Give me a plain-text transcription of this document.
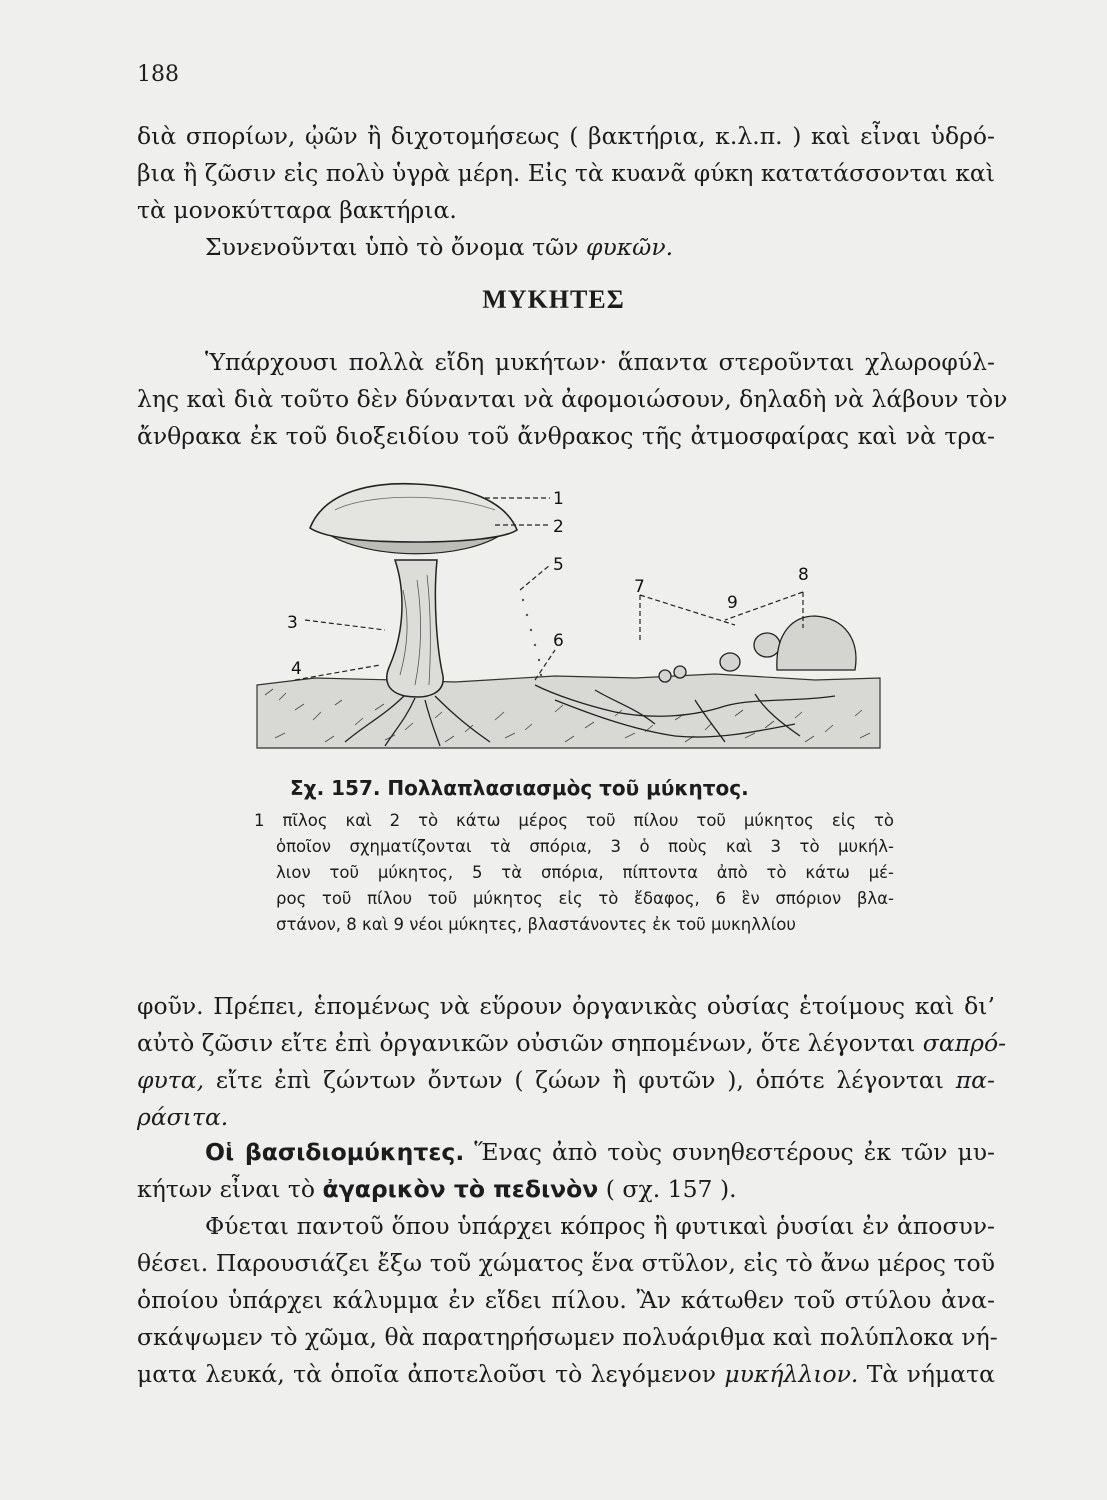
188
διὰ σπορίων, ᾠῶν ἢ διχοτομήσεως ( βακτήρια, κ.λ.π. ) καὶ εἶναι ὑδρό-
βια ἢ ζῶσιν εἰς πολὺ ὑγρὰ μέρη. Εἰς τὰ κυανᾶ φύκη κατατάσσονται καὶ
τὰ μονοκύτταρα βακτήρια.
Συνενοῦνται ὑπὸ τὸ ὄνομα τῶν φυκῶν.
ΜΥΚΗΤΕΣ
Ὑπάρχουσι πολλὰ εἴδη μυκήτων· ἅπαντα στεροῦνται χλωροφύλ-
λης καὶ διὰ τοῦτο δὲν δύνανται νὰ ἀφομοιώσουν, δηλαδὴ νὰ λάβουν τὸν
ἄνθρακα ἐκ τοῦ διοξειδίου τοῦ ἄνθρακος τῆς ἀτμοσφαίρας καὶ νὰ τρα-
1
2
5
3
4
6
7
8
9
Σχ. 157. Πολλαπλασιασμὸς τοῦ μύκητος.
1 πῖλος καὶ 2 τὸ κάτω μέρος τοῦ πίλου τοῦ μύκητος εἰς τὸ
ὁποῖον σχηματίζονται τὰ σπόρια, 3 ὁ ποὺς καὶ 3 τὸ μυκήλ-
λιον τοῦ μύκητος, 5 τὰ σπόρια, πίπτοντα ἀπὸ τὸ κάτω μέ-
ρος τοῦ πίλου τοῦ μύκητος εἰς τὸ ἔδαφος, 6 ἓν σπόριον βλα-
στάνον, 8 καὶ 9 νέοι μύκητες, βλαστάνοντες ἐκ τοῦ μυκηλλίου
φοῦν. Πρέπει, ἑπομένως νὰ εὕρουν ὀργανικὰς οὐσίας ἑτοίμους καὶ δι’
αὐτὸ ζῶσιν εἴτε ἐπὶ ὀργανικῶν οὐσιῶν σηπομένων, ὅτε λέγονται σαπρό-
φυτα, εἴτε ἐπὶ ζώντων ὄντων ( ζώων ἢ φυτῶν ), ὁπότε λέγονται πα-
ράσιτα.
Οἱ βασιδιομύκητες. Ἕνας ἀπὸ τοὺς συνηθεστέρους ἐκ τῶν μυ-
κήτων εἶναι τὸ ἀγαρικὸν τὸ πεδινὸν ( σχ. 157 ).
Φύεται παντοῦ ὅπου ὑπάρχει κόπρος ἢ φυτικαὶ ῥυσίαι ἐν ἀποσυν-
θέσει. Παρουσιάζει ἔξω τοῦ χώματος ἕνα στῦλον, εἰς τὸ ἄνω μέρος τοῦ
ὁποίου ὑπάρχει κάλυμμα ἐν εἴδει πίλου. Ἂν κάτωθεν τοῦ στύλου ἀνα-
σκάψωμεν τὸ χῶμα, θὰ παρατηρήσωμεν πολυάριθμα καὶ πολύπλοκα νή-
ματα λευκά, τὰ ὁποῖα ἀποτελοῦσι τὸ λεγόμενον μυκήλλιον. Τὰ νήματα
